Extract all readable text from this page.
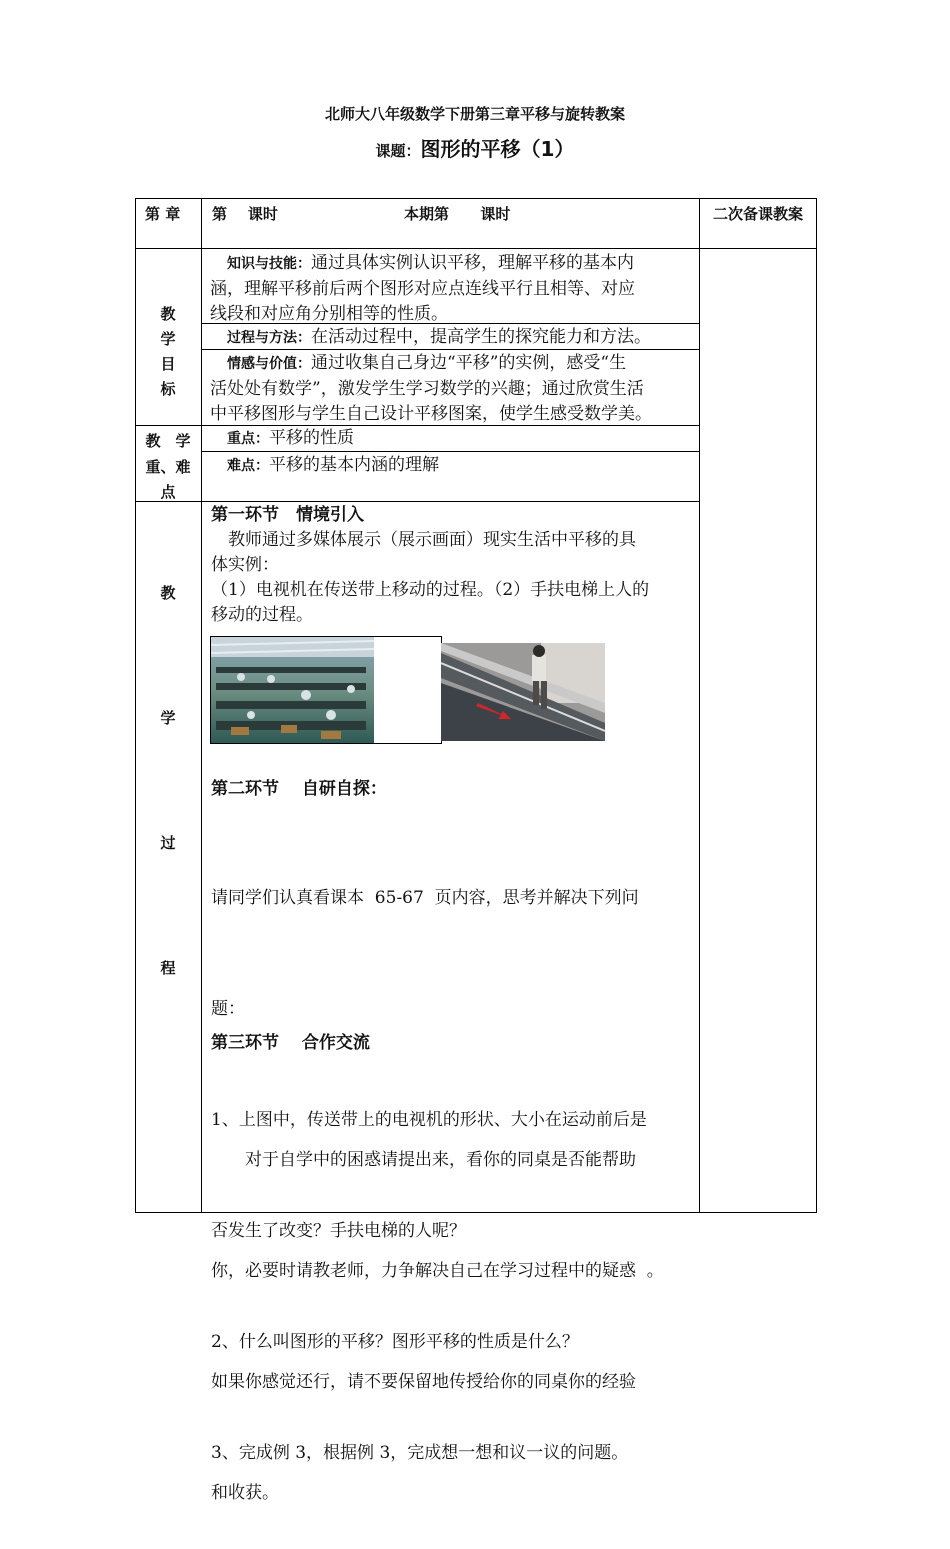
北师大八年级数学下册第三章平移与旋转教案
课题：图形的平移（1）
第 章 第    课时	本期第      课时	二次备课教案
教
学
目
标
　知识与技能：通过具体实例认识平移，理解平移的基本内
涵，理解平移前后两个图形对应点连线平行且相等、对应
线段和对应角分别相等的性质。
　过程与方法：在活动过程中，提高学生的探究能力和方法。
　情感与价值：通过收集自己身边“平移”的实例，感受“生
活处处有数学”，激发学生学习数学的兴趣；通过欣赏生活
中平移图形与学生自己设计平移图案，使学生感受数学美。
教　学
重、难
点
　重点：平移的性质
　难点：平移的基本内涵的理解
教
学
过
程
第一环节　情境引入
　教师通过多媒体展示（展示画面）现实生活中平移的具
体实例：
（1）电视机在传送带上移动的过程。（2）手扶电梯上人的
移动的过程。
第二环节　 自研自探：

请同学们认真看课本  65-67  页内容，思考并解决下列问

题：

1、上图中，传送带上的电视机的形状、大小在运动前后是

否发生了改变？手扶电梯的人呢？

2、什么叫图形的平移？图形平移的性质是什么？

3、完成例 3，根据例 3，完成想一想和议一议的问题。

第三环节　 合作交流

　　对于自学中的困惑请提出来，看你的同桌是否能帮助

你，必要时请教老师，力争解决自己在学习过程中的疑惑  。

如果你感觉还行，请不要保留地传授给你的同桌你的经验

和收获。
